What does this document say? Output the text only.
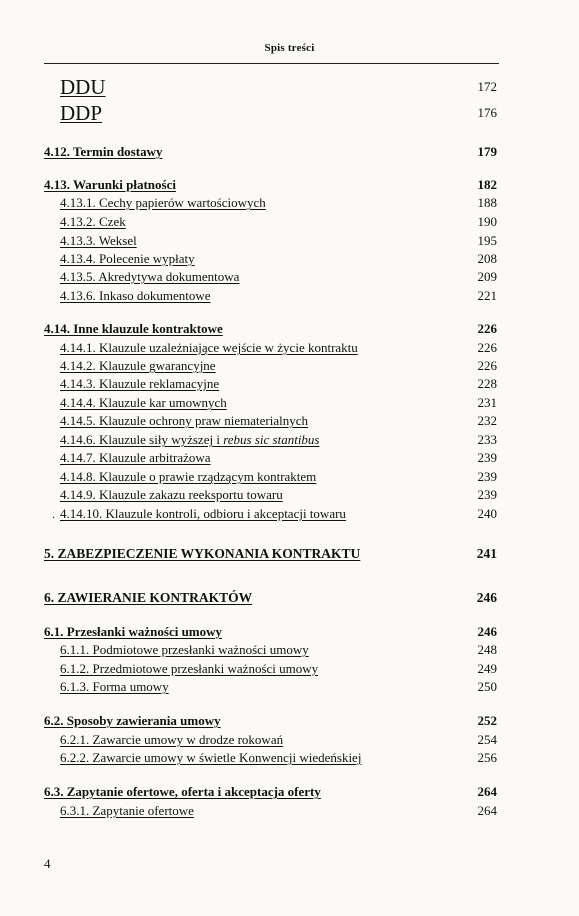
Spis treści
DDU	172
DDP	176
4.12. Termin dostawy	179
4.13. Warunki płatności	182
4.13.1. Cechy papierów wartościowych	188
4.13.2. Czek	190
4.13.3. Weksel	195
4.13.4. Polecenie wypłaty	208
4.13.5. Akredytywa dokumentowa	209
4.13.6. Inkaso dokumentowe	221
4.14. Inne klauzule kontraktowe	226
4.14.1. Klauzule uzależniające wejście w życie kontraktu	226
4.14.2. Klauzule gwarancyjne	226
4.14.3. Klauzule reklamacyjne	228
4.14.4. Klauzule kar umownych	231
4.14.5. Klauzule ochrony praw niematerialnych	232
4.14.6. Klauzule siły wyższej i rebus sic stantibus	233
4.14.7. Klauzule arbitrażowa	239
4.14.8. Klauzule o prawie rządzącym kontraktem	239
4.14.9. Klauzule zakazu reeksportu towaru	239
. 4.14.10. Klauzule kontroli, odbioru i akceptacji towaru	240
5. ZABEZPIECZENIE WYKONANIA KONTRAKTU	241
6. ZAWIERANIE KONTRAKTÓW	246
6.1. Przesłanki ważności umowy	246
6.1.1. Podmiotowe przesłanki ważności umowy	248
6.1.2. Przedmiotowe przesłanki ważności umowy	249
6.1.3. Forma umowy	250
6.2. Sposoby zawierania umowy	252
6.2.1. Zawarcie umowy w drodze rokowań	254
6.2.2. Zawarcie umowy w świetle Konwencji wiedeńskiej	256
6.3. Zapytanie ofertowe, oferta i akceptacja oferty	264
6.3.1. Zapytanie ofertowe	264
4
